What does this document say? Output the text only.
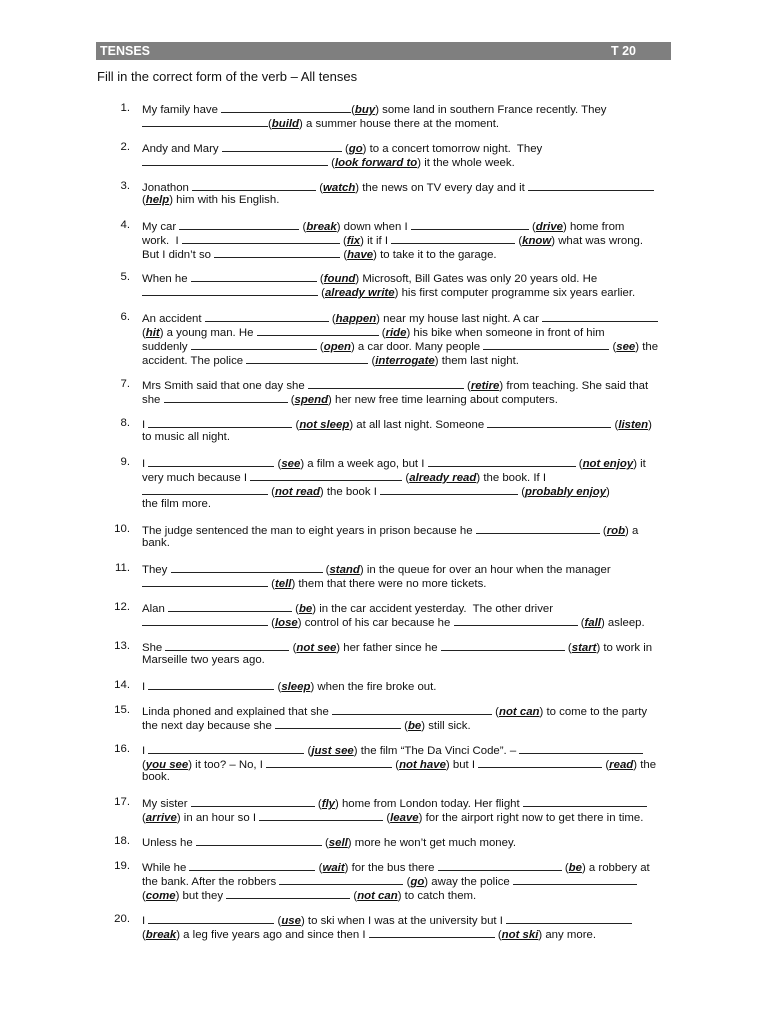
TENSES	T 20
Fill in the correct form of the verb – All tenses
1. My family have	(buy) some land in southern France recently. They
(build) a summer house there at the moment.
2. Andy and Mary	(go) to a concert tomorrow night.  They
(look forward to) it the whole week.
3. Jonathon	(watch) the news on TV every day and it
(help) him with his English.
4. My car	(break) down when I	(drive) home from
work.  I	(fix) it if I	(know) what was wrong.
But I didn’t so	(have) to take it to the garage.
5. When he	(found) Microsoft, Bill Gates was only 20 years old. He
(already write) his first computer programme six years earlier.
6. An accident	(happen) near my house last night. A car
(hit) a young man. He	(ride) his bike when someone in front of him
suddenly	(open) a car door. Many people	(see) the
accident. The police	(interrogate) them last night.
7. Mrs Smith said that one day she	(retire) from teaching. She said that
she	(spend) her new free time learning about computers.
8. I	(not sleep) at all last night. Someone	(listen)
to music all night.
9. I	(see) a film a week ago, but I	(not enjoy) it
very much because I	(already read) the book. If I
(not read) the book I	(probably enjoy)
the film more.
10. The judge sentenced the man to eight years in prison because he	(rob) a
bank.
11. They	(stand) in the queue for over an hour when the manager
(tell) them that there were no more tickets.
12. Alan	(be) in the car accident yesterday.  The other driver
(lose) control of his car because he	(fall) asleep.
13. She	(not see) her father since he	(start) to work in
Marseille two years ago.
14. I	(sleep) when the fire broke out.
15. Linda phoned and explained that she	(not can) to come to the party
the next day because she	(be) still sick.
16. I	(just see) the film “The Da Vinci Code”. –
(you see) it too? – No, I	(not have) but I	(read) the
book.
17. My sister	(fly) home from London today. Her flight
(arrive) in an hour so I	(leave) for the airport right now to get there in time.
18. Unless he	(sell) more he won’t get much money.
19. While he	(wait) for the bus there	(be) a robbery at
the bank. After the robbers	(go) away the police
(come) but they	(not can) to catch them.
20. I	(use) to ski when I was at the university but I
(break) a leg five years ago and since then I	(not ski) any more.
